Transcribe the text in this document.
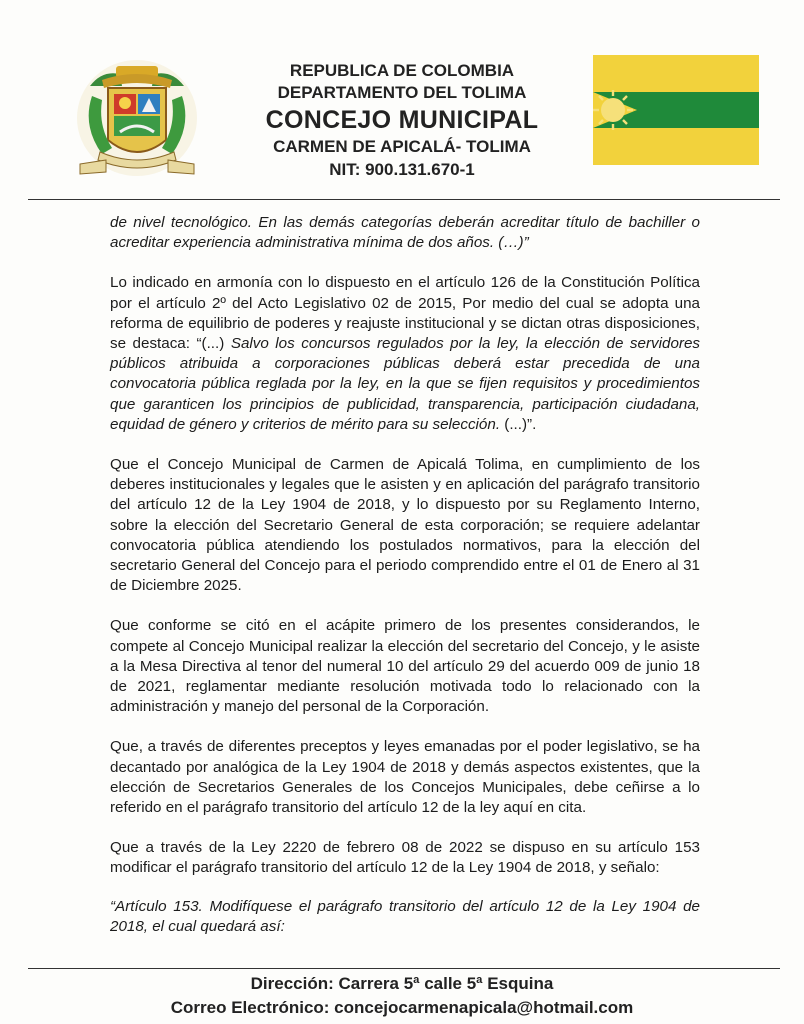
REPUBLICA DE COLOMBIA
DEPARTAMENTO DEL TOLIMA
CONCEJO MUNICIPAL
CARMEN DE APICALÁ- TOLIMA
NIT: 900.131.670-1

de nivel tecnológico. En las demás categorías deberán acreditar título de bachiller o acreditar experiencia administrativa mínima de dos años. (…)”

Lo indicado en armonía con lo dispuesto en el artículo 126 de la Constitución Política por el artículo 2º del Acto Legislativo 02 de 2015, Por medio del cual se adopta una reforma de equilibrio de poderes y reajuste institucional y se dictan otras disposiciones, se destaca: “(...) Salvo los concursos regulados por la ley, la elección de servidores públicos atribuida a corporaciones públicas deberá estar precedida de una convocatoria pública reglada por la ley, en la que se fijen requisitos y procedimientos que garanticen los principios de publicidad, transparencia, participación ciudadana, equidad de género y criterios de mérito para su selección. (...)”.

Que el Concejo Municipal de Carmen de Apicalá Tolima, en cumplimiento de los deberes institucionales y legales que le asisten y en aplicación del parágrafo transitorio del artículo 12 de la Ley 1904 de 2018, y lo dispuesto por su Reglamento Interno, sobre la elección del Secretario General de esta corporación; se requiere adelantar convocatoria pública atendiendo los postulados normativos, para la elección del secretario General del Concejo para el periodo comprendido entre el 01 de Enero al 31 de Diciembre 2025.

Que conforme se citó en el acápite primero de los presentes considerandos, le compete al Concejo Municipal realizar la elección del secretario del Concejo, y le asiste a la Mesa Directiva al tenor del numeral 10 del artículo 29 del acuerdo 009 de junio 18 de 2021, reglamentar mediante resolución motivada todo lo relacionado con la administración y manejo del personal de la Corporación.

Que, a través de diferentes preceptos y leyes emanadas por el poder legislativo, se ha decantado por analógica de la Ley 1904 de 2018 y demás aspectos existentes, que la elección de Secretarios Generales de los Concejos Municipales, debe ceñirse a lo referido en el parágrafo transitorio del artículo 12 de la ley aquí en cita.

Que a través de la Ley 2220 de febrero 08 de 2022 se dispuso en su artículo 153 modificar el parágrafo transitorio del artículo 12 de la Ley 1904 de 2018, y señalo:

“Artículo 153. Modifíquese el parágrafo transitorio del artículo 12 de la Ley 1904 de 2018, el cual quedará así:

Dirección: Carrera 5ª calle 5ª Esquina
Correo Electrónico: concejocarmenapicala@hotmail.com
